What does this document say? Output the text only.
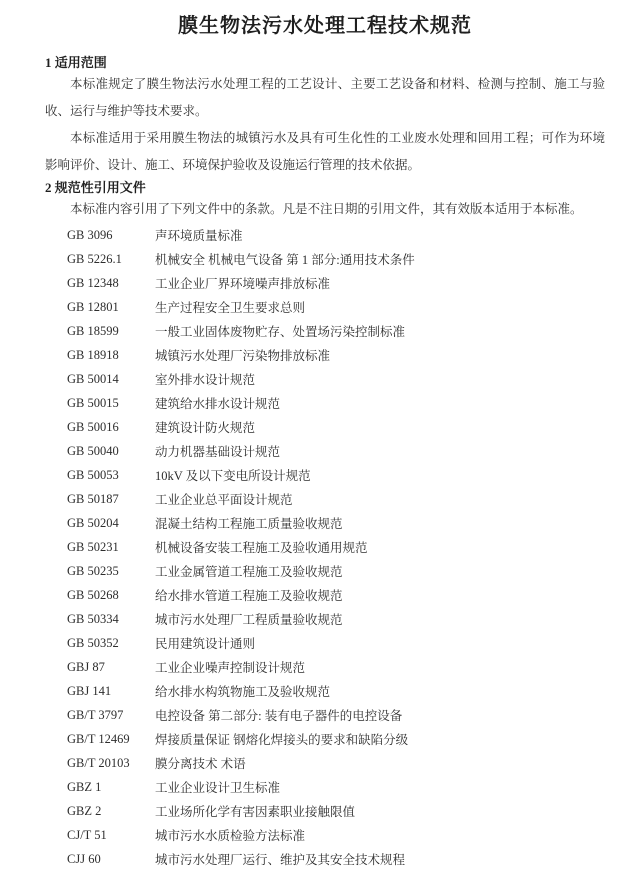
膜生物法污水处理工程技术规范
1 适用范围

本标准规定了膜生物法污水处理工程的工艺设计、主要工艺设备和材料、检测与控制、施工与验收、运行与维护等技术要求。

本标准适用于采用膜生物法的城镇污水及具有可生化性的工业废水处理和回用工程；可作为环境影响评价、设计、施工、环境保护验收及设施运行管理的技术依据。

2 规范性引用文件

本标准内容引用了下列文件中的条款。凡是不注日期的引用文件，其有效版本适用于本标准。

GB 3096	声环境质量标准
GB 5226.1	机械安全 机械电气设备 第 1 部分:通用技术条件
GB 12348	工业企业厂界环境噪声排放标准
GB 12801	生产过程安全卫生要求总则
GB 18599	一般工业固体废物贮存、处置场污染控制标准
GB 18918	城镇污水处理厂污染物排放标准
GB 50014	室外排水设计规范
GB 50015	建筑给水排水设计规范
GB 50016	建筑设计防火规范
GB 50040	动力机器基础设计规范
GB 50053	10kV 及以下变电所设计规范
GB 50187	工业企业总平面设计规范
GB 50204	混凝土结构工程施工质量验收规范
GB 50231	机械设备安装工程施工及验收通用规范
GB 50235	工业金属管道工程施工及验收规范
GB 50268	给水排水管道工程施工及验收规范
GB 50334	城市污水处理厂工程质量验收规范
GB 50352	民用建筑设计通则
GBJ 87	工业企业噪声控制设计规范
GBJ 141	给水排水构筑物施工及验收规范
GB/T 3797	电控设备 第二部分: 装有电子器件的电控设备
GB/T 12469	焊接质量保证 钢熔化焊接头的要求和缺陷分级
GB/T 20103	膜分离技术 术语
GBZ 1	工业企业设计卫生标准
GBZ 2	工业场所化学有害因素职业接触限值
CJ/T 51	城市污水水质检验方法标准
CJJ 60	城市污水处理厂运行、维护及其安全技术规程
